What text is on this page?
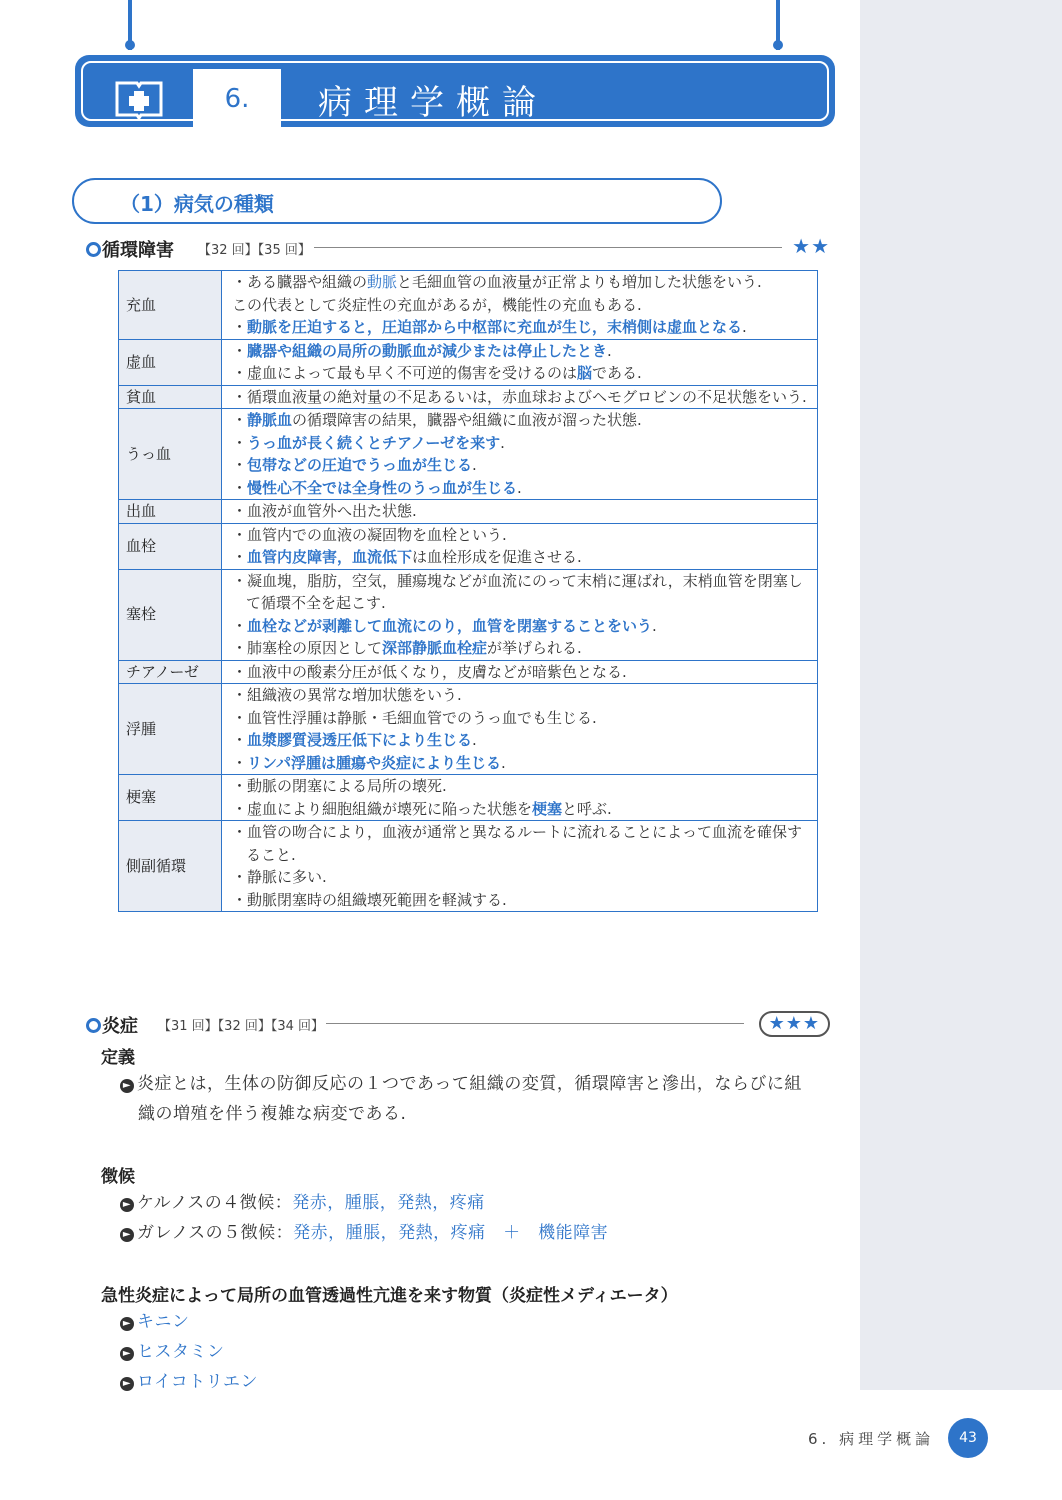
6.	病理学概論
（1）病気の種類
循環障害 【32 回】【35 回】	★★
充血	・ある臓器や組織の動脈と毛細血管の血液量が正常よりも増加した状態をいう.
この代表として炎症性の充血があるが，機能性の充血もある.
・動脈を圧迫すると，圧迫部から中枢部に充血が生じ，末梢側は虚血となる.

虚血	・臓器や組織の局所の動脈血が減少または停止したとき.
・虚血によって最も早く不可逆的傷害を受けるのは脳である.

貧血	・循環血液量の絶対量の不足あるいは，赤血球およびヘモグロビンの不足状態をいう.

うっ血	・静脈血の循環障害の結果，臓器や組織に血液が溜った状態.
・うっ血が長く続くとチアノーゼを来す.
・包帯などの圧迫でうっ血が生じる.
・慢性心不全では全身性のうっ血が生じる.

出血	・血液が血管外へ出た状態.

血栓	・血管内での血液の凝固物を血栓という.
・血管内皮障害，血流低下は血栓形成を促進させる.

塞栓	・凝血塊，脂肪，空気，腫瘍塊などが血流にのって末梢に運ばれ，末梢血管を閉塞して循環不全を起こす.
・血栓などが剥離して血流にのり，血管を閉塞することをいう.
・肺塞栓の原因として深部静脈血栓症が挙げられる.

チアノーゼ	・血液中の酸素分圧が低くなり，皮膚などが暗紫色となる.

浮腫	・組織液の異常な増加状態をいう.
・血管性浮腫は静脈・毛細血管でのうっ血でも生じる.
・血漿膠質浸透圧低下により生じる.
・リンパ浮腫は腫瘍や炎症により生じる.

梗塞	・動脈の閉塞による局所の壊死.
・虚血により細胞組織が壊死に陥った状態を梗塞と呼ぶ.

側副循環	・血管の吻合により，血液が通常と異なるルートに流れることによって血流を確保すること.
・静脈に多い.
・動脈閉塞時の組織壊死範囲を軽減する.
炎症 【31 回】【32 回】【34 回】	★★★
定義
► 炎症とは，生体の防御反応の１つであって組織の変質，循環障害と滲出，ならびに組
織の増殖を伴う複雑な病変である.
徴候
► ケルノスの４徴候：発赤，腫脹，発熱，疼痛
► ガレノスの５徴候：発赤，腫脹，発熱，疼痛　＋　機能障害
急性炎症によって局所の血管透過性亢進を来す物質（炎症性メディエータ）
► キニン
► ヒスタミン
► ロイコトリエン
6. 病理学概論	43
